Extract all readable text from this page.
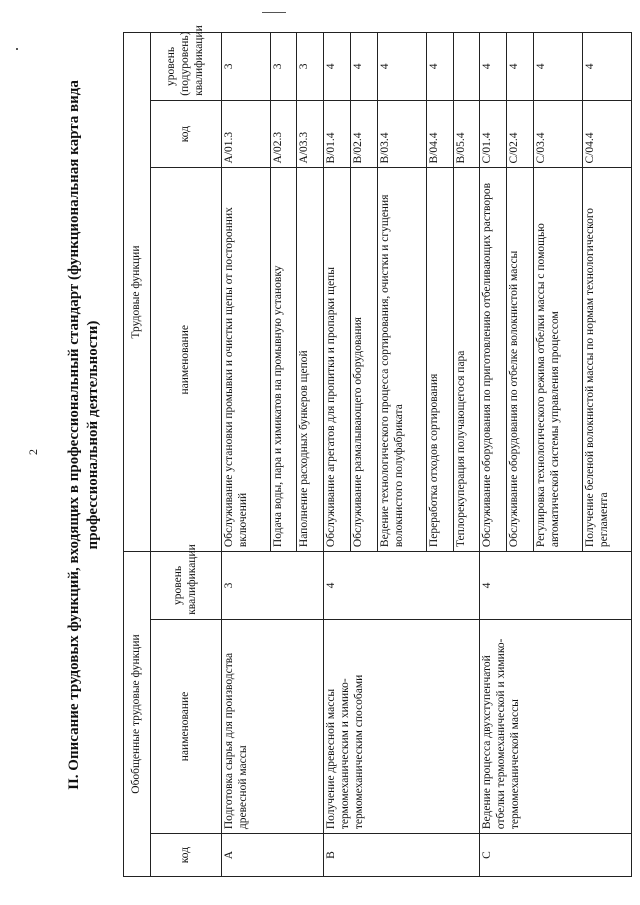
2 II. Описание трудовых функций, входящих в профессиональный стандарт (функциональная карта вида профессиональной деятельности)
Обобщенные трудовые функции			Трудовые функции		
код	наименование	уровень квалификации	наименование	код	уровень (подуровень) квалификации
A	Подготовка сырья для производства древесной массы	3	Обслуживание установки промывки и очистки щепы от посторонних включений	A/01.3	3
			Подача воды, пара и химикатов на промывную установку	A/02.3	3
			Наполнение расходных бункеров щепой	A/03.3	3
B	Получение древесной массы термомеханическим и химико-термомеханическим способами	4	Обслуживание агрегатов для пропитки и пропарки щепы	B/01.4	4
			Обслуживание размалывающего оборудования	B/02.4	4
			Ведение технологического процесса сортирования, очистки и сгущения волокнистого полуфабриката	B/03.4	4
			Переработка отходов сортирования	B/04.4	4
			Теплорекуперация получающегося пара	B/05.4	
C	Ведение процесса двухступенчатой отбелки термомеханической и химико-термомеханической массы	4	Обслуживание оборудования по приготовлению отбеливающих растворов	C/01.4	4
			Обслуживание оборудования по отбелке волокнистой массы	C/02.4	4
			Регулировка технологического режима отбелки массы с помощью автоматической системы управления процессом	C/03.4	4
			Получение беленой волокнистой массы по нормам технологического регламента	C/04.4	4
